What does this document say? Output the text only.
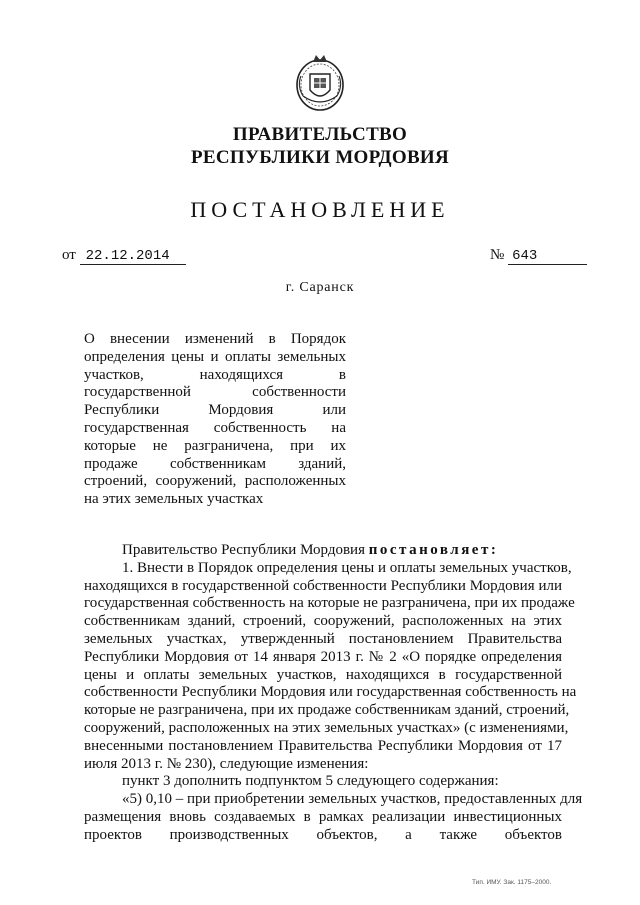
ПРАВИТЕЛЬСТВО
РЕСПУБЛИКИ МОРДОВИЯ
ПОСТАНОВЛЕНИЕ
от 22.12.2014	№ 643
г. Саранск
О внесении изменений в Порядок
определения цены и оплаты земельных
участков, находящихся в
государственной собственности
Республики Мордовия или
государственная собственность на
которые не разграничена, при их
продаже собственникам зданий,
строений, сооружений, расположенных
на этих земельных участках
Правительство Республики Мордовия постановляет:
1. Внести в Порядок определения цены и оплаты земельных участков,
находящихся в государственной собственности Республики Мордовия или
государственная собственность на которые не разграничена, при их продаже
собственникам зданий, строений, сооружений, расположенных на этих
земельных участках, утвержденный постановлением Правительства
Республики Мордовия от 14 января 2013 г. № 2 «О порядке определения
цены и оплаты земельных участков, находящихся в государственной
собственности Республики Мордовия или государственная собственность на
которые не разграничена, при их продаже собственникам зданий, строений,
сооружений, расположенных на этих земельных участках» (с изменениями,
внесенными постановлением Правительства Республики Мордовия от 17
июля 2013 г. № 230), следующие изменения:
пункт 3 дополнить подпунктом 5 следующего содержания:
«5) 0,10 – при приобретении земельных участков, предоставленных для
размещения вновь создаваемых в рамках реализации инвестиционных
проектов производственных объектов, а также объектов
Тип. ИМУ. Зак. 1175–2000.
